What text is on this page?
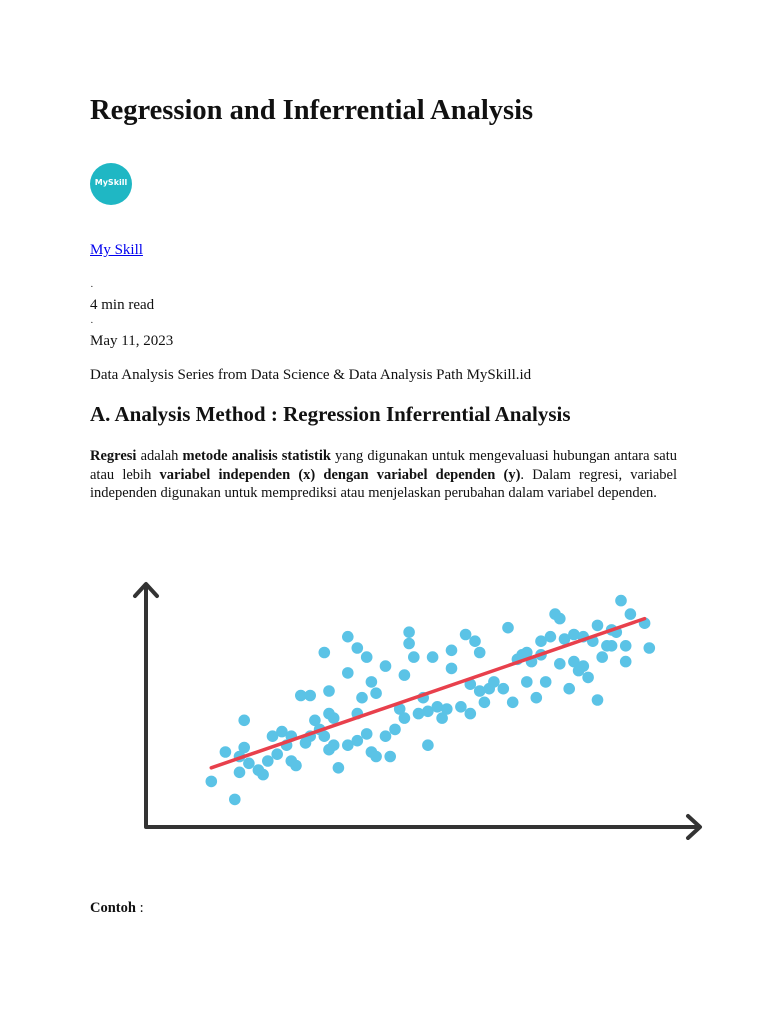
Regression and Inferrential Analysis
MySkill
My Skill
·
4 min read
·
May 11, 2023
Data Analysis Series from Data Science & Data Analysis Path MySkill.id
A. Analysis Method : Regression Inferrential Analysis

Regresi adalah metode analisis statistik yang digunakan untuk mengevaluasi hubungan antara satu atau lebih variabel independen (x) dengan variabel dependen (y). Dalam regresi, variabel independen digunakan untuk memprediksi atau menjelaskan perubahan dalam variabel dependen.

Contoh :
